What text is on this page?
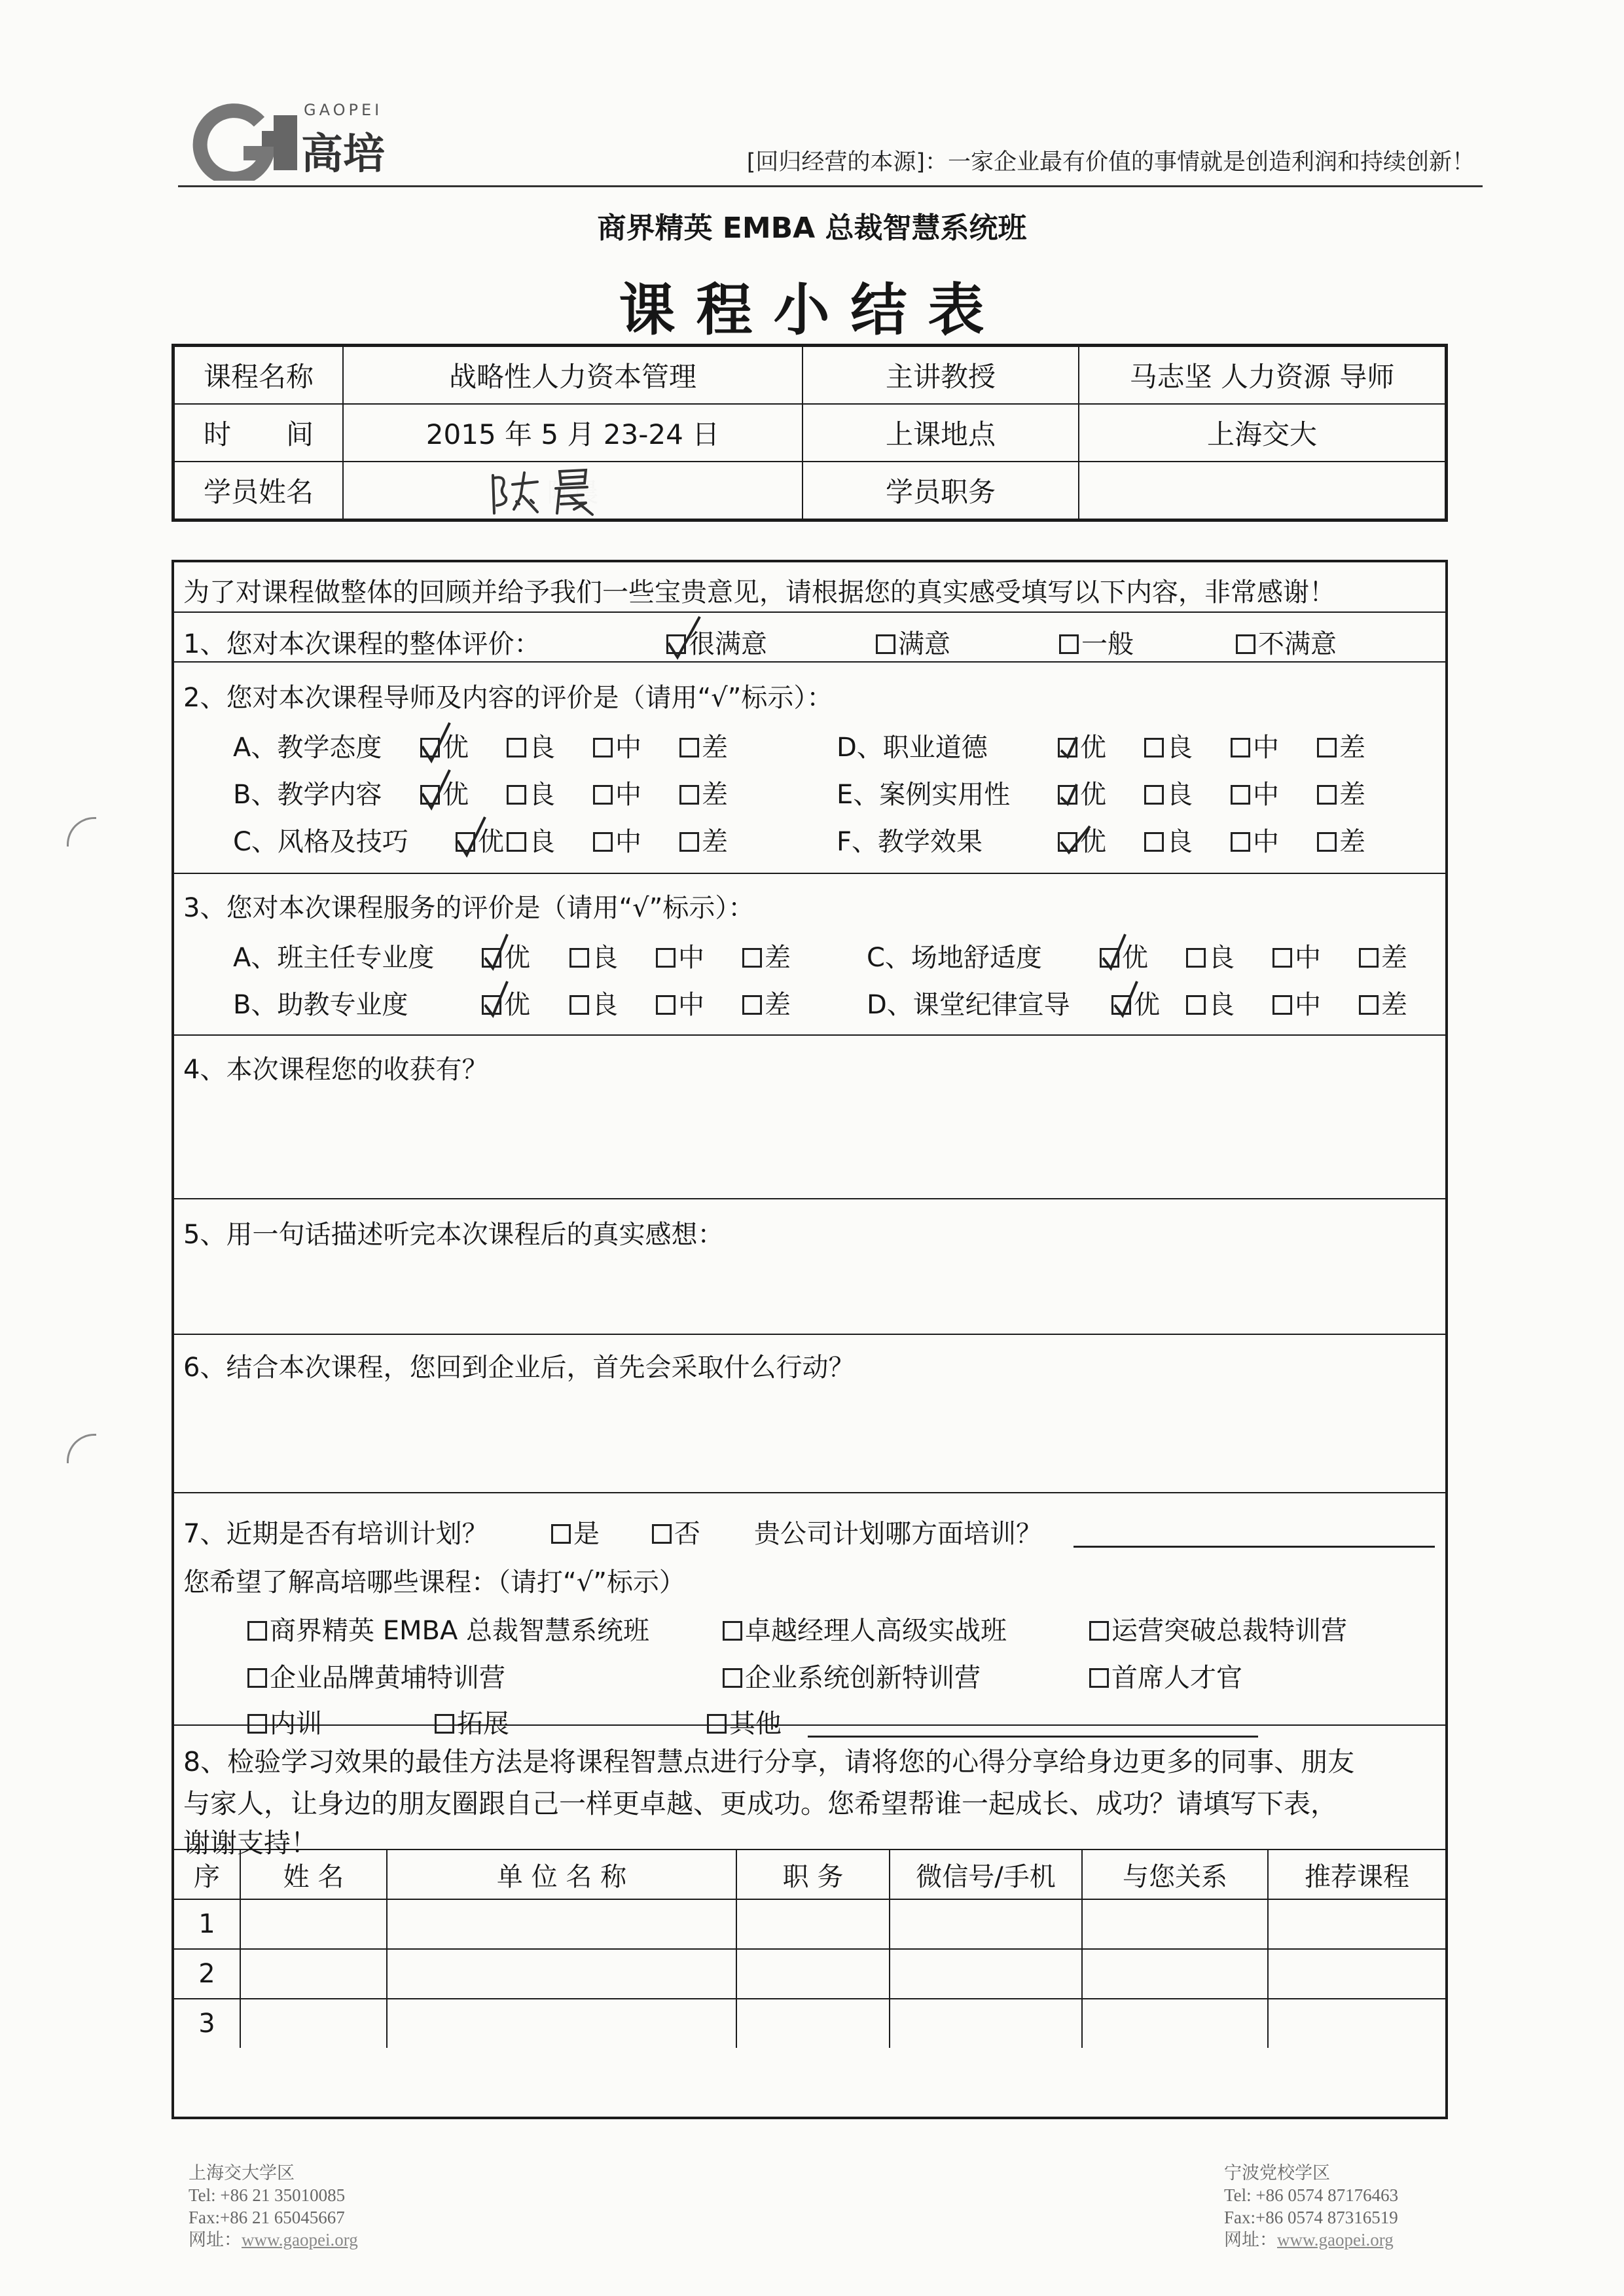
GAOPEI
高培	[回归经营的本源]：一家企业最有价值的事情就是创造利润和持续创新！
商界精英 EMBA 总裁智慧系统班
课程小结表
课程名称	战略性人力资本管理	主讲教授	马志坚 人力资源 导师
时　　间	2015 年 5 月 23-24 日	上课地点	上海交大
学员姓名		学员职务	
为了对课程做整体的回顾并给予我们一些宝贵意见，请根据您的真实感受填写以下内容，非常感谢！
1、您对本次课程的整体评价：	很满意	满意	一般	不满意
2、您对本次课程导师及内容的评价是（请用“√”标示）：
A、教学态度	优	良	中	差
B、教学内容	优	良	中	差
C、风格及技巧	优 良	中	差
D、职业道德	优	良	中	差
E、案例实用性	优	良	中	差
F、教学效果	优	良	中	差
3、您对本次课程服务的评价是（请用“√”标示）：
A、班主任专业度	优	良	中	差
B、助教专业度	优	良	中	差
C、场地舒适度	优	良	中	差
D、课堂纪律宣导	优	良	中	差
4、本次课程您的收获有？
5、用一句话描述听完本次课程后的真实感想：
6、结合本次课程，您回到企业后，首先会采取什么行动？
7、近期是否有培训计划？	是	否 贵公司计划哪方面培训？
您希望了解高培哪些课程：（请打“√”标示）
商界精英 EMBA 总裁智慧系统班	卓越经理人高级实战班	运营突破总裁特训营
企业品牌黄埔特训营	企业系统创新特训营	首席人才官
内训	拓展	其他
8、检验学习效果的最佳方法是将课程智慧点进行分享，请将您的心得分享给身边更多的同事、朋友
与家人，让身边的朋友圈跟自己一样更卓越、更成功。您希望帮谁一起成长、成功？请填写下表，
谢谢支持！
序	姓 名	单 位 名 称	职 务	微信号/手机	与您关系	推荐课程
1						
2						
3						
上海交大学区
Tel: +86 21 35010085
Fax:+86 21 65045667
网址：www.gaopei.org
宁波党校学区
Tel: +86 0574 87176463
Fax:+86 0574 87316519
网址：www.gaopei.org
